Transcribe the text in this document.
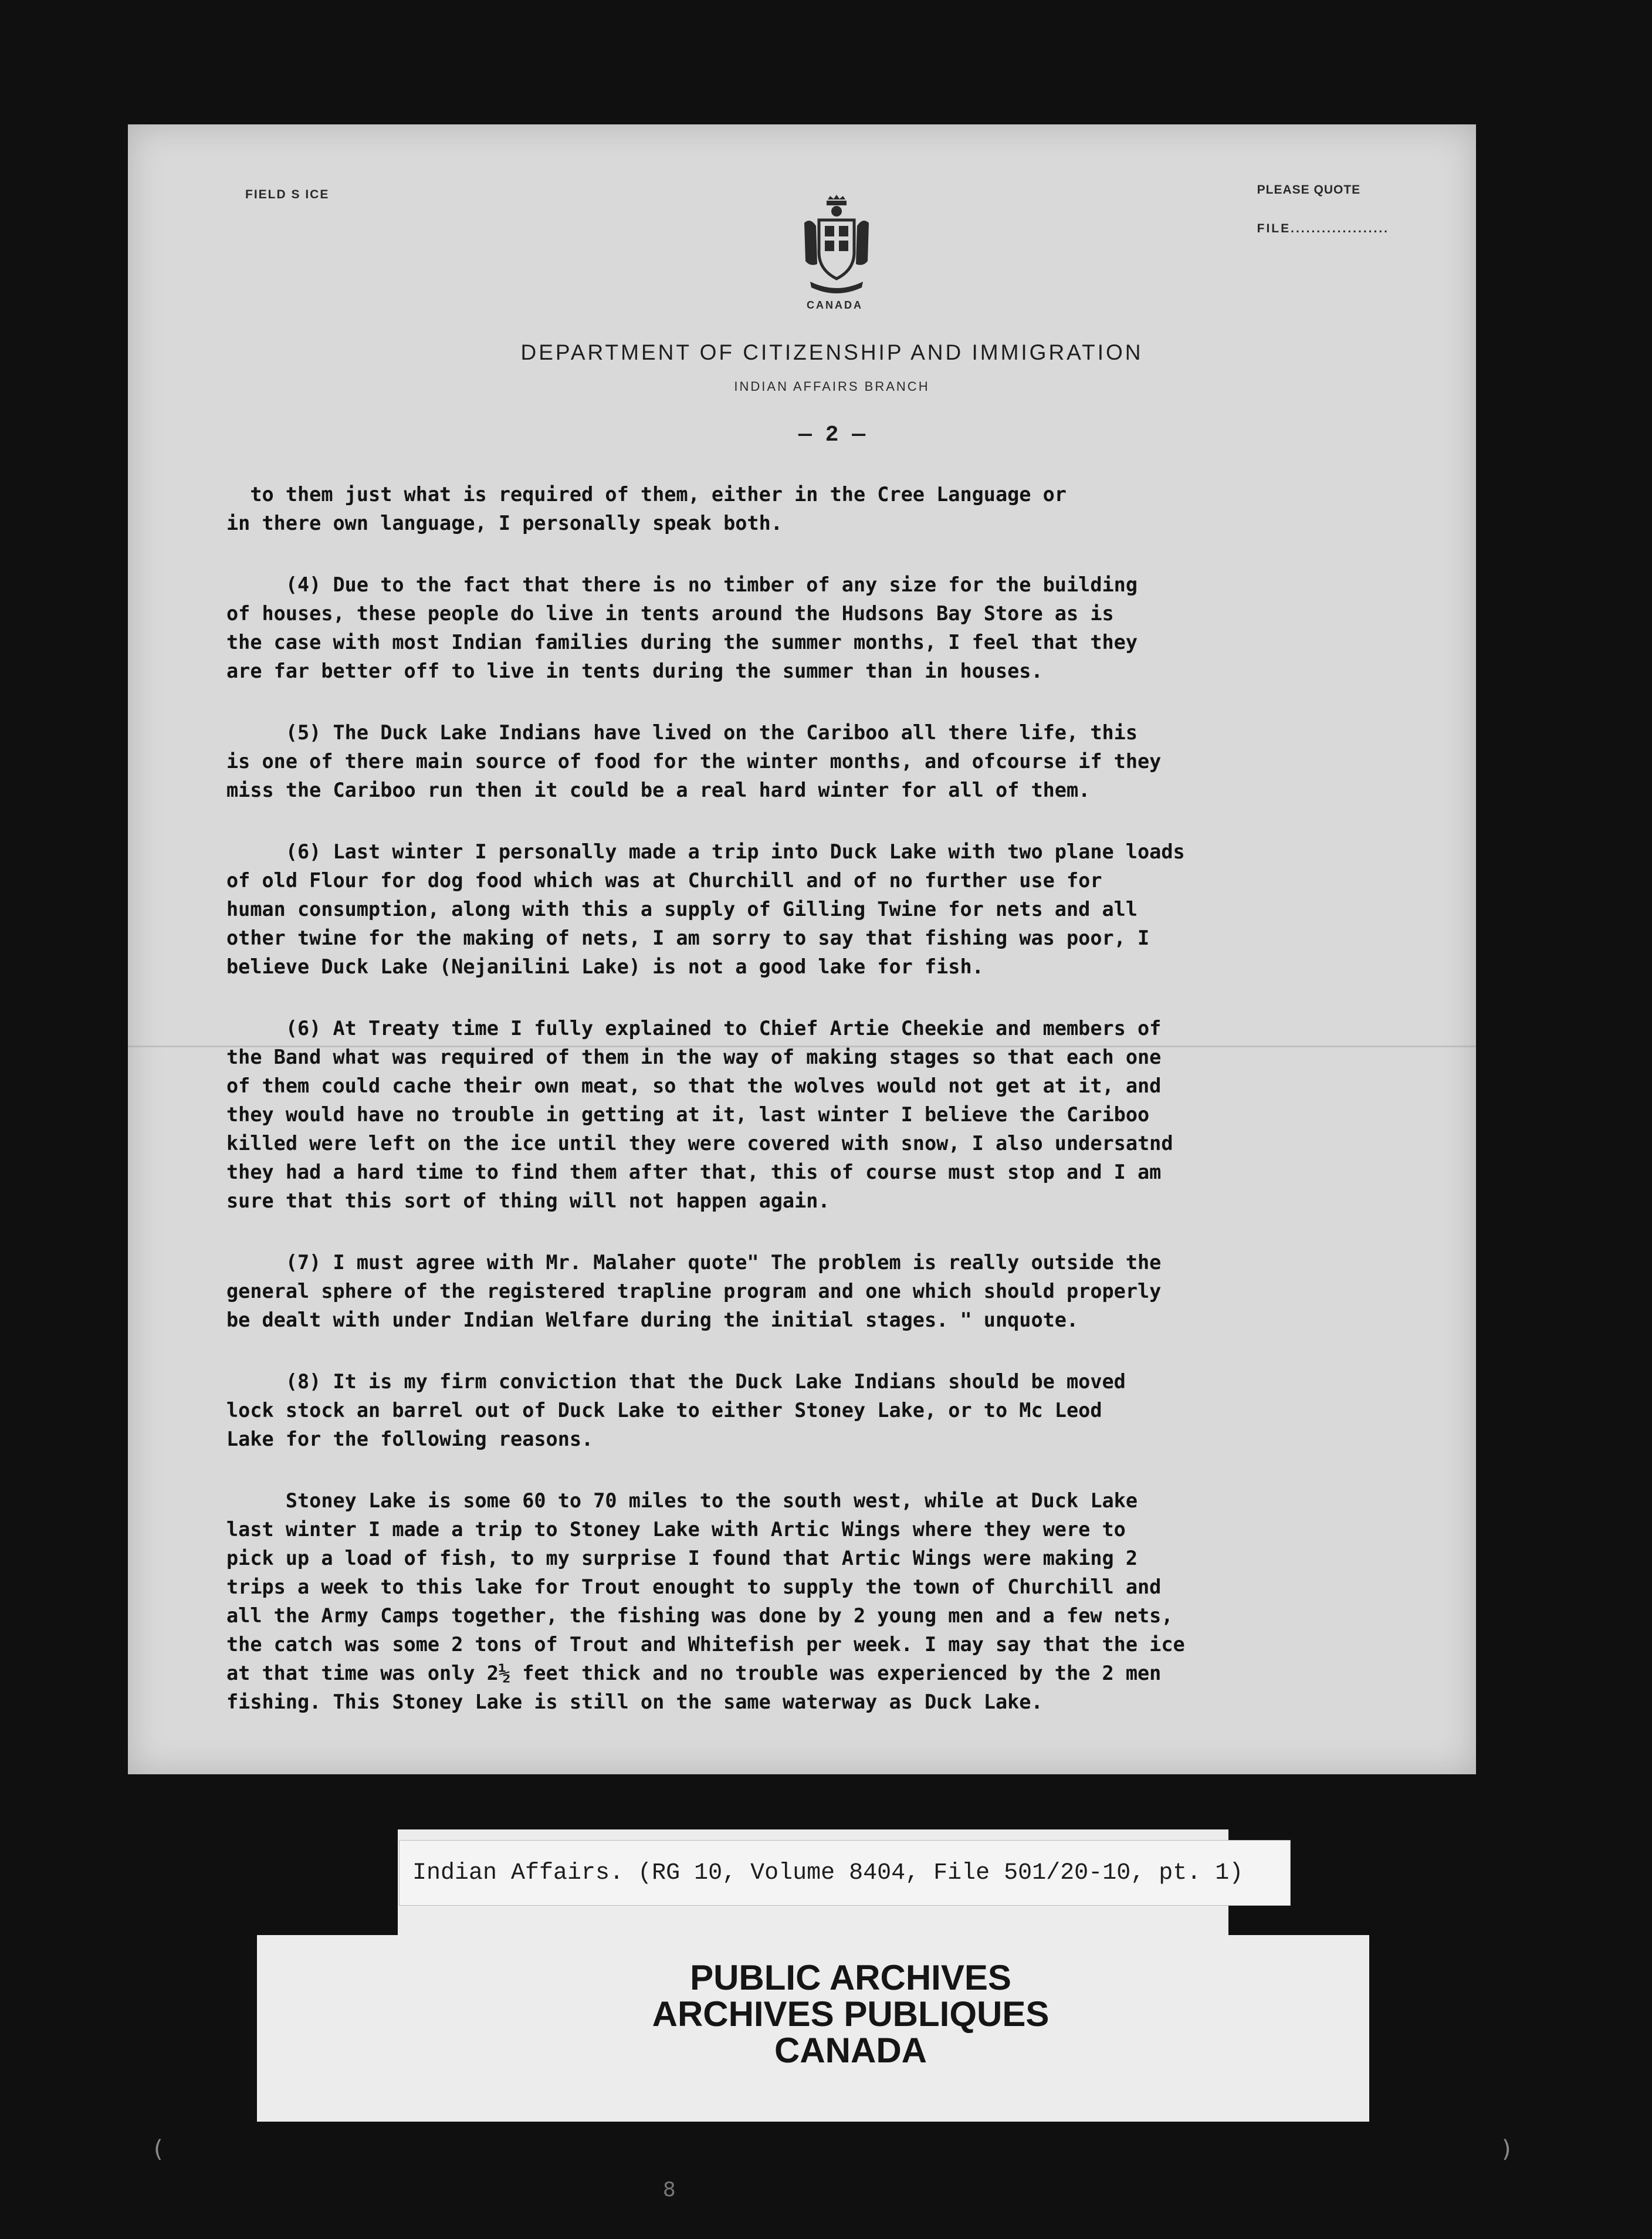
(	)
FIELD S ICE	PLEASE QUOTE
FILE...................
CANADA
DEPARTMENT OF CITIZENSHIP AND IMMIGRATION
INDIAN AFFAIRS BRANCH
— 2 —
to them just what is required of them, either in the Cree Language or
in there own language, I personally speak both.
(4) Due to the fact that there is no timber of any size for the building
of houses, these people do live in tents around the Hudsons Bay Store as is
the case with most Indian families during the summer months, I feel that they
are far better off to live in tents during the summer than in houses.
(5) The Duck Lake Indians have lived on the Cariboo all there life, this
is one of there main source of food for the winter months, and ofcourse if they
miss the Cariboo run then it could be a real hard winter for all of them.
(6) Last winter I personally made a trip into Duck Lake with two plane loads
of old Flour for dog food which was at Churchill and of no further use for
human consumption, along with this a supply of Gilling Twine for nets and all
other twine for the making of nets, I am sorry to say that fishing was poor, I
believe Duck Lake (Nejanilini Lake) is not a good lake for fish.
(6) At Treaty time I fully explained to Chief Artie Cheekie and members of
the Band what was required of them in the way of making stages so that each one
of them could cache their own meat, so that the wolves would not get at it, and
they would have no trouble in getting at it, last winter I believe the Cariboo
killed were left on the ice until they were covered with snow, I also undersatnd
they had a hard time to find them after that, this of course must stop and I am
sure that this sort of thing will not happen again.
(7) I must agree with Mr. Malaher quote" The problem is really outside the
general sphere of the registered trapline program and one which should properly
be dealt with under Indian Welfare during the initial stages. " unquote.
(8) It is my firm conviction that the Duck Lake Indians should be moved
lock stock an barrel out of Duck Lake to either Stoney Lake, or to Mc Leod
Lake for the following reasons.
Stoney Lake is some 60 to 70 miles to the south west, while at Duck Lake
last winter I made a trip to Stoney Lake with Artic Wings where they were to
pick up a load of fish, to my surprise I found that Artic Wings were making 2
trips a week to this lake for Trout enought to supply the town of Churchill and
all the Army Camps together, the fishing was done by 2 young men and a few nets,
the catch was some 2 tons of Trout and Whitefish per week. I may say that the ice
at that time was only 2½ feet thick and no trouble was experienced by the 2 men
fishing. This Stoney Lake is still on the same waterway as Duck Lake.
Indian Affairs. (RG 10, Volume 8404, File 501/20-10, pt. 1)
PUBLIC ARCHIVES
ARCHIVES PUBLIQUES
CANADA
8
